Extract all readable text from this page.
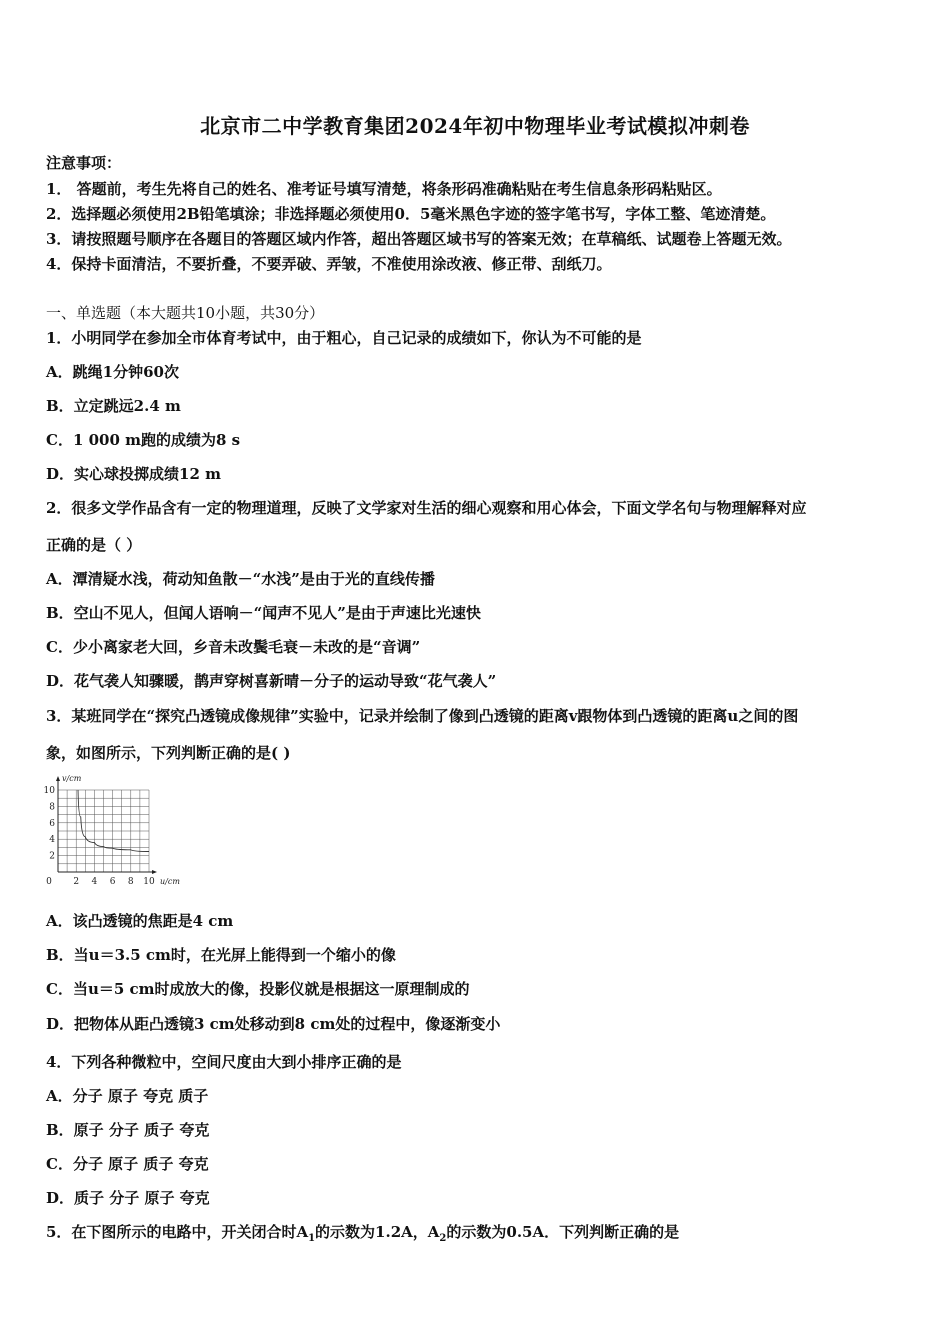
北京市二中学教育集团2024年初中物理毕业考试模拟冲刺卷
注意事项：
1． 答题前，考生先将自己的姓名、准考证号填写清楚，将条形码准确粘贴在考生信息条形码粘贴区。
2．选择题必须使用2B铅笔填涂；非选择题必须使用0．5毫米黑色字迹的签字笔书写，字体工整、笔迹清楚。
3．请按照题号顺序在各题目的答题区域内作答，超出答题区域书写的答案无效；在草稿纸、试题卷上答题无效。
4．保持卡面清洁，不要折叠，不要弄破、弄皱，不准使用涂改液、修正带、刮纸刀。
一、单选题（本大题共10小题，共30分）
1．小明同学在参加全市体育考试中，由于粗心，自己记录的成绩如下，你认为不可能的是
A．跳绳1分钟60次
B．立定跳远2.4 m
C．1 000 m跑的成绩为8 s
D．实心球投掷成绩12 m
2．很多文学作品含有一定的物理道理，反映了文学家对生活的细心观察和用心体会，下面文学名句与物理解释对应
正确的是（ ）
A．潭清疑水浅，荷动知鱼散－“水浅”是由于光的直线传播
B．空山不见人，但闻人语响－“闻声不见人”是由于声速比光速快
C．少小离家老大回，乡音未改鬓毛衰－未改的是“音调”
D．花气袭人知骤暖，鹊声穿树喜新晴－分子的运动导致“花气袭人”
3．某班同学在“探究凸透镜成像规律”实验中，记录并绘制了像到凸透镜的距离v跟物体到凸透镜的距离u之间的图
象，如图所示，下列判断正确的是( )
0 2 4 6 8 10
2
4
6
8
10
v/cm
u/cm
A．该凸透镜的焦距是4 cm
B．当u＝3.5 cm时，在光屏上能得到一个缩小的像
C．当u＝5 cm时成放大的像，投影仪就是根据这一原理制成的
D．把物体从距凸透镜3 cm处移动到8 cm处的过程中，像逐渐变小
4．下列各种微粒中，空间尺度由大到小排序正确的是
A．分子 原子 夸克 质子
B．原子 分子 质子 夸克
C．分子 原子 质子 夸克
D．质子 分子 原子 夸克
5．在下图所示的电路中，开关闭合时$A_1$的示数为1.2A，$A_2$的示数为0.5A．下列判断正确的是
